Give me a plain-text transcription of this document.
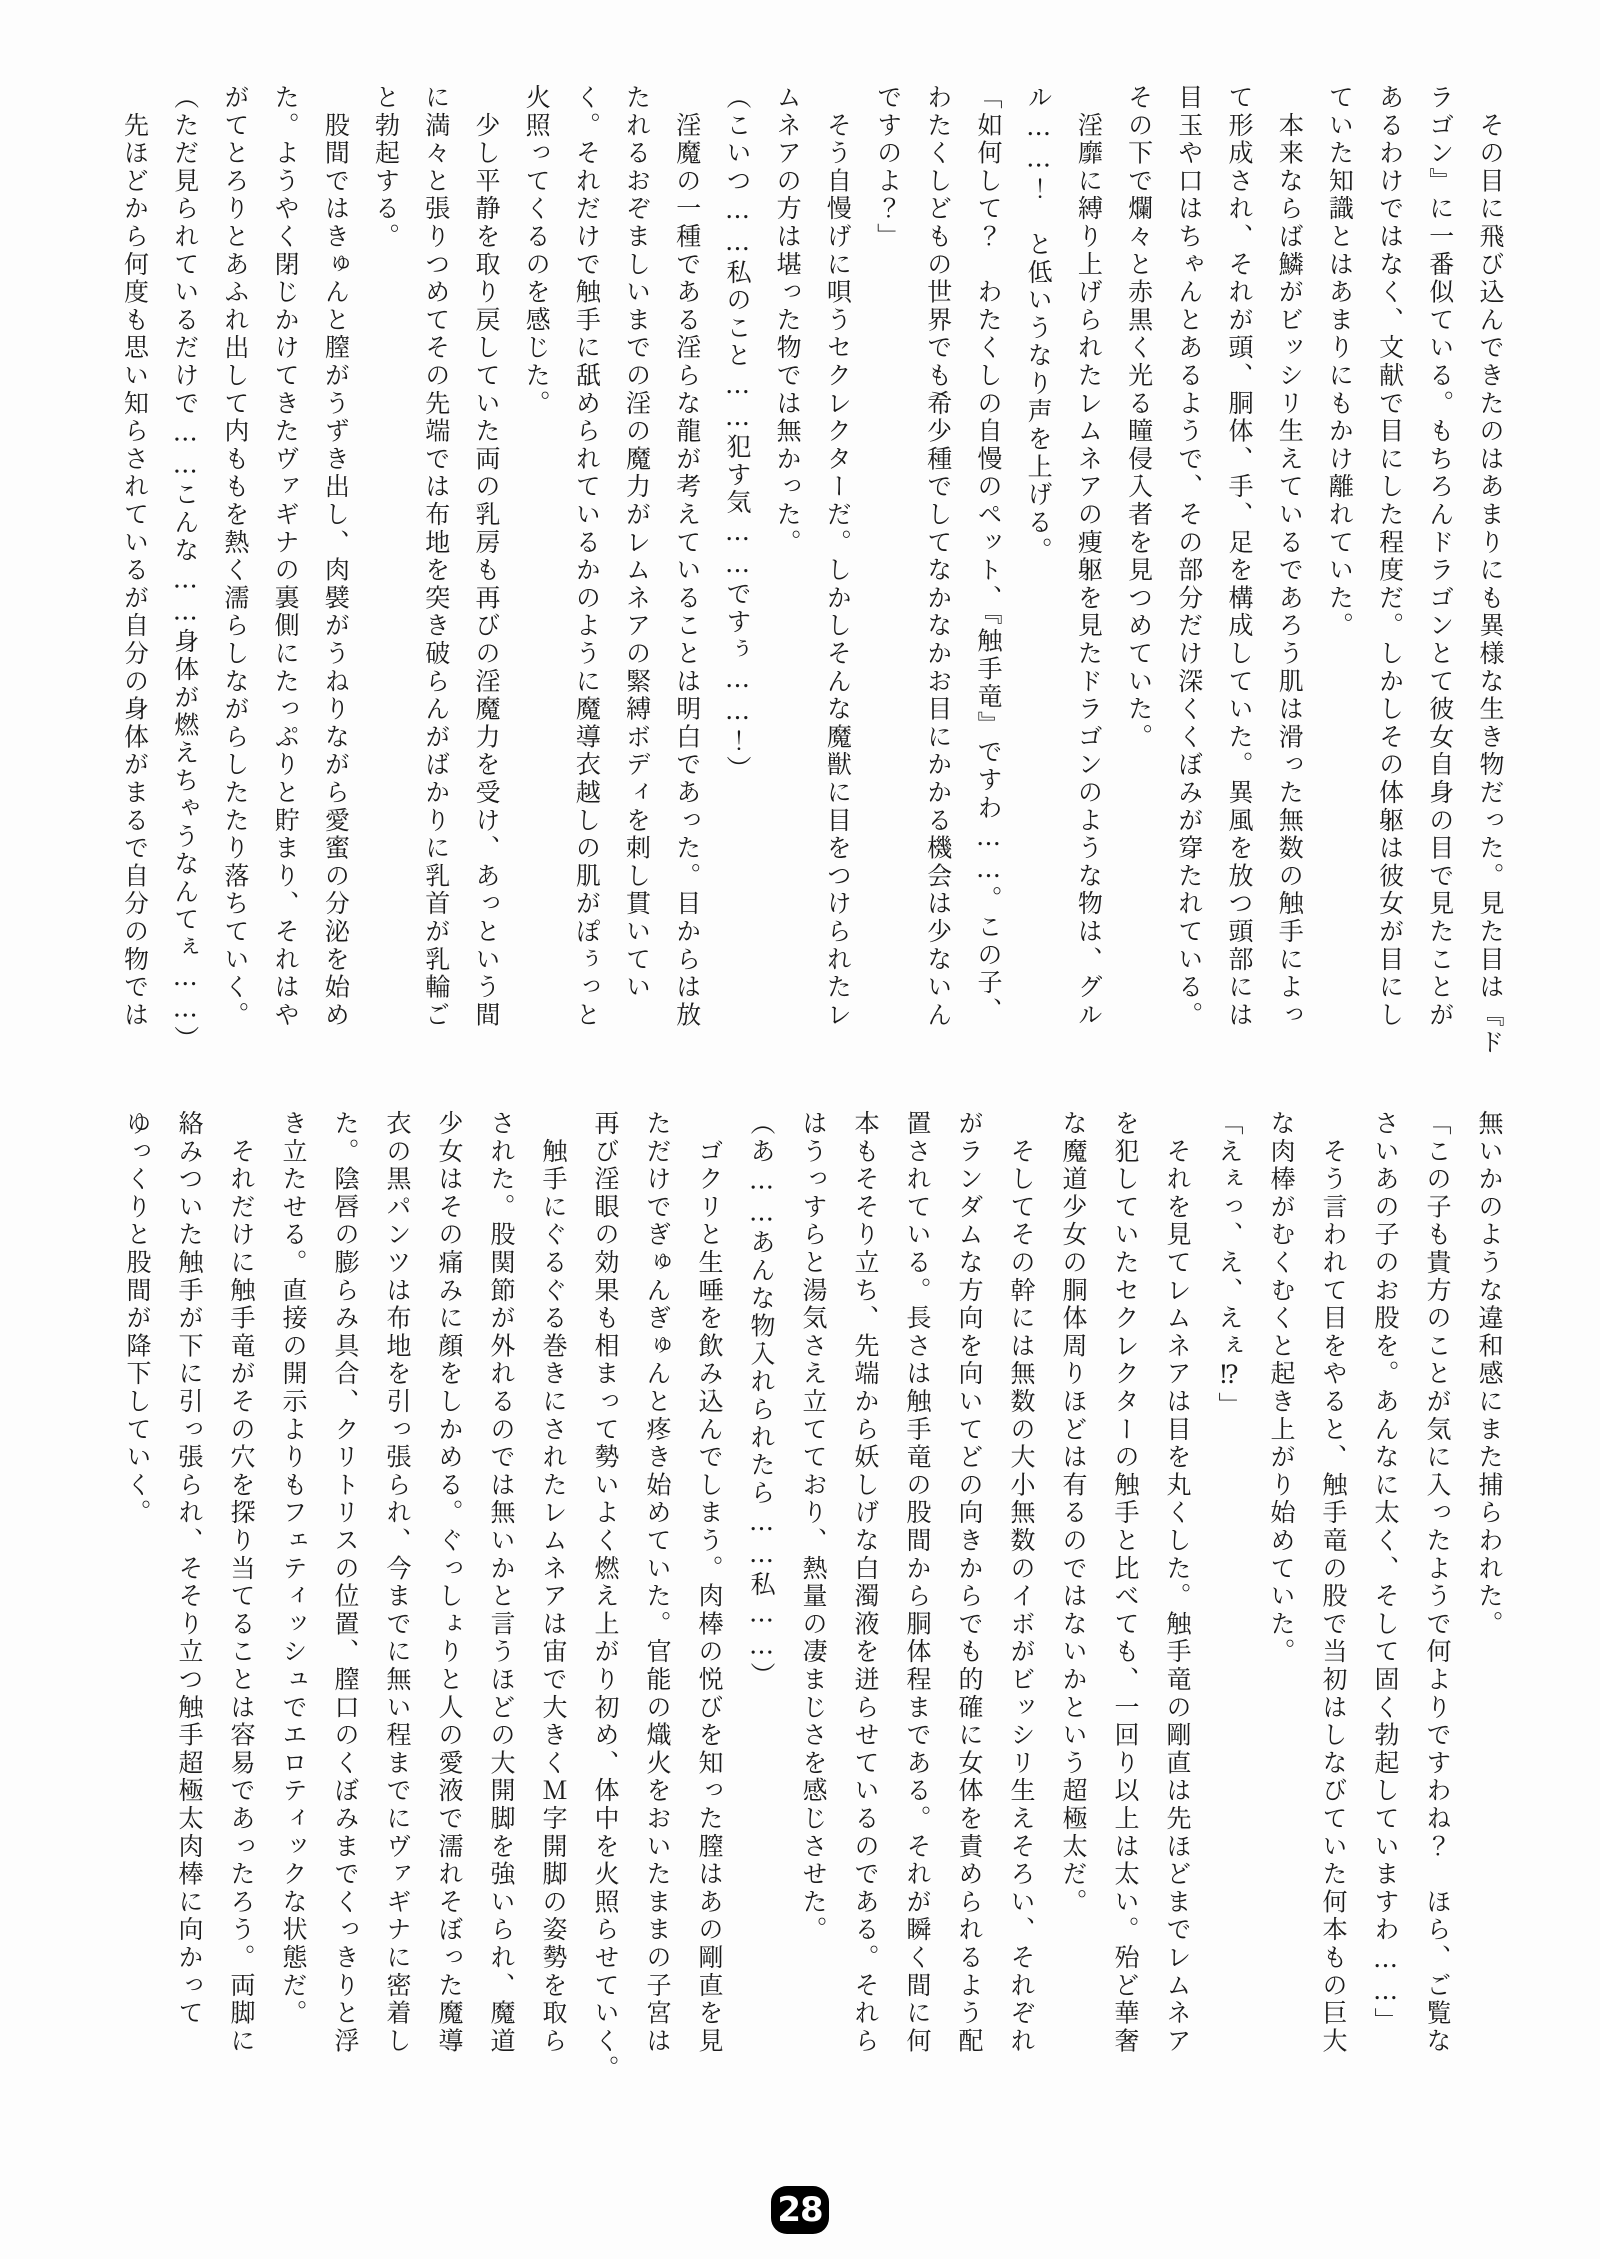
　その目に飛び込んできたのはあまりにも異様な生き物だった。見た目は『ド
ラゴン』に一番似ている。もちろんドラゴンとて彼女自身の目で見たことが
あるわけではなく、文献で目にした程度だ。しかしその体躯は彼女が目にし
ていた知識とはあまりにもかけ離れていた。
　本来ならば鱗がビッシリ生えているであろう肌は滑った無数の触手によっ
て形成され、それが頭、胴体、手、足を構成していた。異風を放つ頭部には
目玉や口はちゃんとあるようで、その部分だけ深くくぼみが穿たれている。
その下で爛々と赤黒く光る瞳侵入者を見つめていた。
　淫靡に縛り上げられたレムネアの痩躯を見たドラゴンのような物は、グル
ル……！　と低いうなり声を上げる。
「如何して？　わたくしの自慢のペット、『触手竜』ですわ……。この子、
わたくしどもの世界でも希少種でしてなかなかお目にかかる機会は少ないん
ですのよ？」
　そう自慢げに唄うセクレクターだ。しかしそんな魔獣に目をつけられたレ
ムネアの方は堪った物では無かった。
（こいつ……私のこと……犯す気……ですぅ……！）
　淫魔の一種である淫らな龍が考えていることは明白であった。目からは放
たれるおぞましいまでの淫の魔力がレムネアの緊縛ボディを刺し貫いてい
く。それだけで触手に舐められているかのように魔導衣越しの肌がぽぅっと
火照ってくるのを感じた。
　少し平静を取り戻していた両の乳房も再びの淫魔力を受け、あっという間
に満々と張りつめてその先端では布地を突き破らんがばかりに乳首が乳輪ご
と勃起する。
　股間ではきゅんと膣がうずき出し、肉襞がうねりながら愛蜜の分泌を始め
た。ようやく閉じかけてきたヴァギナの裏側にたっぷりと貯まり、それはや
がてとろりとあふれ出して内ももを熱く濡らしながらしたたり落ちていく。
（ただ見られているだけで……こんな……身体が燃えちゃうなんてぇ……）
　先ほどから何度も思い知らされているが自分の身体がまるで自分の物では
無いかのような違和感にまた捕らわれた。
「この子も貴方のことが気に入ったようで何よりですわね？　ほら、ご覧な
さいあの子のお股を。あんなに太く、そして固く勃起していますわ……」
　そう言われて目をやると、触手竜の股で当初はしなびていた何本もの巨大
な肉棒がむくむくと起き上がり始めていた。
「えぇっ、え、えぇ⁉」
　それを見てレムネアは目を丸くした。触手竜の剛直は先ほどまでレムネア
を犯していたセクレクターの触手と比べても、一回り以上は太い。殆ど華奢
な魔道少女の胴体周りほどは有るのではないかという超極太だ。
　そしてその幹には無数の大小無数のイボがビッシリ生えそろい、それぞれ
がランダムな方向を向いてどの向きからでも的確に女体を責められるよう配
置されている。長さは触手竜の股間から胴体程まである。それが瞬く間に何
本もそそり立ち、先端から妖しげな白濁液を迸らせているのである。それら
はうっすらと湯気さえ立てており、熱量の凄まじさを感じさせた。
（あ……あんな物入れられたら……私……）
　ゴクリと生唾を飲み込んでしまう。肉棒の悦びを知った膣はあの剛直を見
ただけでぎゅんぎゅんと疼き始めていた。官能の熾火をおいたままの子宮は
再び淫眼の効果も相まって勢いよく燃え上がり初め、体中を火照らせていく。
　触手にぐるぐる巻きにされたレムネアは宙で大きくＭ字開脚の姿勢を取ら
された。股関節が外れるのでは無いかと言うほどの大開脚を強いられ、魔道
少女はその痛みに顔をしかめる。ぐっしょりと人の愛液で濡れそぼった魔導
衣の黒パンツは布地を引っ張られ、今までに無い程までにヴァギナに密着し
た。陰唇の膨らみ具合、クリトリスの位置、膣口のくぼみまでくっきりと浮
き立たせる。直接の開示よりもフェティッシュでエロティックな状態だ。
　それだけに触手竜がその穴を探り当てることは容易であったろう。両脚に
絡みついた触手が下に引っ張られ、そそり立つ触手超極太肉棒に向かって
ゆっくりと股間が降下していく。
28
